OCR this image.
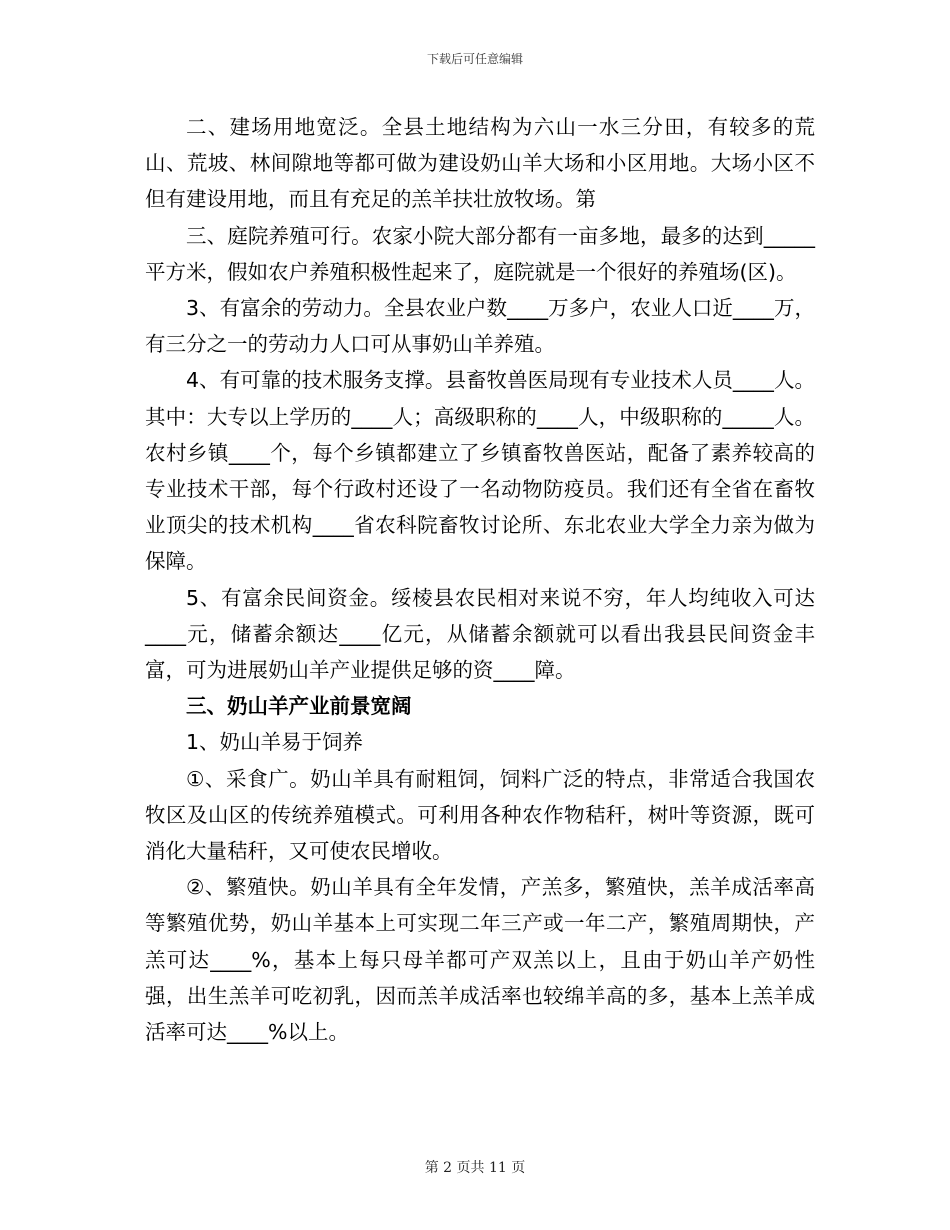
下载后可任意编辑

二、建场用地宽泛。全县土地结构为六山一水三分田，有较多的荒山、荒坡、林间隙地等都可做为建设奶山羊大场和小区用地。大场小区不但有建设用地，而且有充足的羔羊扶壮放牧场。第

三、庭院养殖可行。农家小院大部分都有一亩多地，最多的达到_____平方米，假如农户养殖积极性起来了，庭院就是一个很好的养殖场(区)。

3、有富余的劳动力。全县农业户数____万多户，农业人口近____万，有三分之一的劳动力人口可从事奶山羊养殖。

4、有可靠的技术服务支撑。县畜牧兽医局现有专业技术人员____人。其中：大专以上学历的____人；高级职称的____人，中级职称的_____人。农村乡镇____个，每个乡镇都建立了乡镇畜牧兽医站，配备了素养较高的专业技术干部，每个行政村还设了一名动物防疫员。我们还有全省在畜牧业顶尖的技术机构____省农科院畜牧讨论所、东北农业大学全力亲为做为保障。

5、有富余民间资金。绥棱县农民相对来说不穷，年人均纯收入可达____元，储蓄余额达____亿元，从储蓄余额就可以看出我县民间资金丰富，可为进展奶山羊产业提供足够的资____障。

三、奶山羊产业前景宽阔

1、奶山羊易于饲养

①、采食广。奶山羊具有耐粗饲，饲料广泛的特点，非常适合我国农牧区及山区的传统养殖模式。可利用各种农作物秸秆，树叶等资源，既可消化大量秸秆，又可使农民增收。

②、繁殖快。奶山羊具有全年发情，产羔多，繁殖快，羔羊成活率高等繁殖优势，奶山羊基本上可实现二年三产或一年二产，繁殖周期快，产羔可达____%，基本上每只母羊都可产双羔以上，且由于奶山羊产奶性强，出生羔羊可吃初乳，因而羔羊成活率也较绵羊高的多，基本上羔羊成活率可达____%以上。

第 2 页共 11 页
